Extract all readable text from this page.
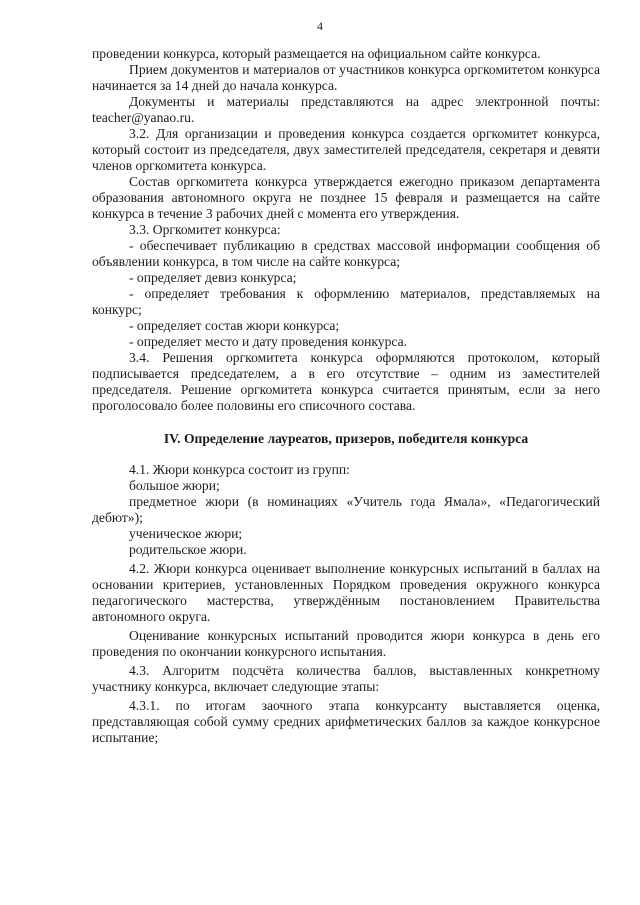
4

проведении конкурса, который размещается на официальном сайте конкурса.

Прием документов и материалов от участников конкурса оргкомитетом конкурса начинается за 14 дней до начала конкурса.

Документы и материалы представляются на адрес электронной почты: teacher@yanao.ru.

3.2. Для организации и проведения конкурса создается оргкомитет конкурса, который состоит из председателя, двух заместителей председателя, секретаря и девяти членов оргкомитета конкурса.

Состав оргкомитета конкурса утверждается ежегодно приказом департамента образования автономного округа не позднее 15 февраля и размещается на сайте конкурса в течение 3 рабочих дней с момента его утверждения.

3.3. Оргкомитет конкурса:

- обеспечивает публикацию в средствах массовой информации сообщения об объявлении конкурса, в том числе на сайте конкурса;

- определяет девиз конкурса;

- определяет требования к оформлению материалов, представляемых на конкурс;

- определяет состав жюри конкурса;

- определяет место и дату проведения конкурса.

3.4. Решения оргкомитета конкурса оформляются протоколом, который подписывается председателем, а в его отсутствие – одним из заместителей председателя. Решение оргкомитета конкурса считается принятым, если за него проголосовало более половины его списочного состава.

IV. Определение лауреатов, призеров, победителя конкурса

4.1. Жюри конкурса состоит из групп:

большое жюри;

предметное жюри (в номинациях «Учитель года Ямала», «Педагогический дебют»);

ученическое жюри;

родительское жюри.

4.2. Жюри конкурса оценивает выполнение конкурсных испытаний в баллах на основании критериев, установленных Порядком проведения окружного конкурса педагогического мастерства, утверждённым постановлением Правительства автономного округа.

Оценивание конкурсных испытаний проводится жюри конкурса в день его проведения по окончании конкурсного испытания.

4.3. Алгоритм подсчёта количества баллов, выставленных конкретному участнику конкурса, включает следующие этапы:

4.3.1. по итогам заочного этапа конкурсанту выставляется оценка, представляющая собой сумму средних арифметических баллов за каждое конкурсное испытание;
